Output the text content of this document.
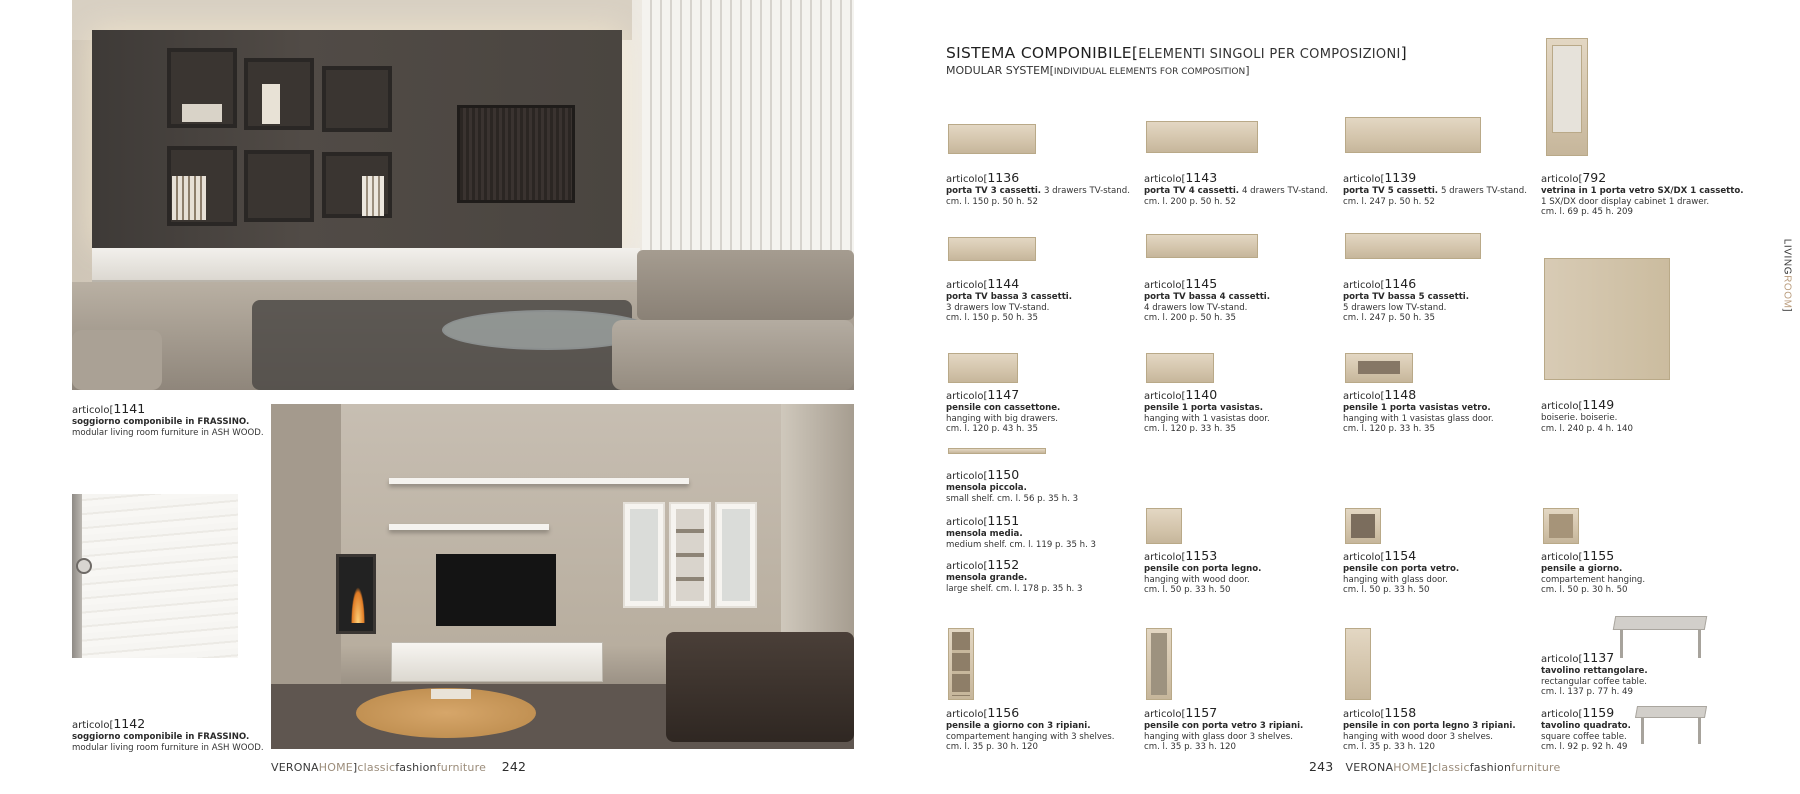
articolo[1141
soggiorno componibile in FRASSINO.
modular living room furniture in ASH WOOD.
articolo[1142
soggiorno componibile in FRASSINO.
modular living room furniture in ASH WOOD.
VERONAHOME]classicfashionfurniture 242
SISTEMA COMPONIBILE[ELEMENTI SINGOLI PER COMPOSIZIONI]
MODULAR SYSTEM[INDIVIDUAL ELEMENTS FOR COMPOSITION]
LIVINGROOM]
articolo[1136
porta TV 3 cassetti. 3 drawers TV-stand.
cm. l. 150 p. 50 h. 52
articolo[1143
porta TV 4 cassetti. 4 drawers TV-stand.
cm. l. 200 p. 50 h. 52
articolo[1139
porta TV 5 cassetti. 5 drawers TV-stand.
cm. l. 247 p. 50 h. 52
articolo[792
vetrina in 1 porta vetro SX/DX 1 cassetto.
1 SX/DX door display cabinet 1 drawer.
cm. l. 69 p. 45 h. 209
articolo[1144
porta TV bassa 3 cassetti.
3 drawers low TV-stand.
cm. l. 150 p. 50 h. 35
articolo[1145
porta TV bassa 4 cassetti.
4 drawers low TV-stand.
cm. l. 200 p. 50 h. 35
articolo[1146
porta TV bassa 5 cassetti.
5 drawers low TV-stand.
cm. l. 247 p. 50 h. 35
articolo[1147
pensile con cassettone.
hanging with big drawers.
cm. l. 120 p. 43 h. 35
articolo[1140
pensile 1 porta vasistas.
hanging with 1 vasistas door.
cm. l. 120 p. 33 h. 35
articolo[1148
pensile 1 porta vasistas vetro.
hanging with 1 vasistas glass door.
cm. l. 120 p. 33 h. 35
articolo[1149
boiserie. boiserie.
cm. l. 240 p. 4 h. 140
articolo[1150
mensola piccola.
small shelf. cm. l. 56 p. 35 h. 3
articolo[1151
mensola media.
medium shelf. cm. l. 119 p. 35 h. 3
articolo[1152
mensola grande.
large shelf. cm. l. 178 p. 35 h. 3
articolo[1153
pensile con porta legno.
hanging with wood door.
cm. l. 50 p. 33 h. 50
articolo[1154
pensile con porta vetro.
hanging with glass door.
cm. l. 50 p. 33 h. 50
articolo[1155
pensile a giorno.
compartement hanging.
cm. l. 50 p. 30 h. 50
articolo[1137
tavolino rettangolare.
rectangular coffee table.
cm. l. 137 p. 77 h. 49
articolo[1156
pensile a giorno con 3 ripiani.
compartement hanging with 3 shelves.
cm. l. 35 p. 30 h. 120
articolo[1157
pensile con porta vetro 3 ripiani.
hanging with glass door 3 shelves.
cm. l. 35 p. 33 h. 120
articolo[1158
pensile in con porta legno 3 ripiani.
hanging with wood door 3 shelves.
cm. l. 35 p. 33 h. 120
articolo[1159
tavolino quadrato.
square coffee table.
cm. l. 92 p. 92 h. 49
243 VERONAHOME]classicfashionfurniture
